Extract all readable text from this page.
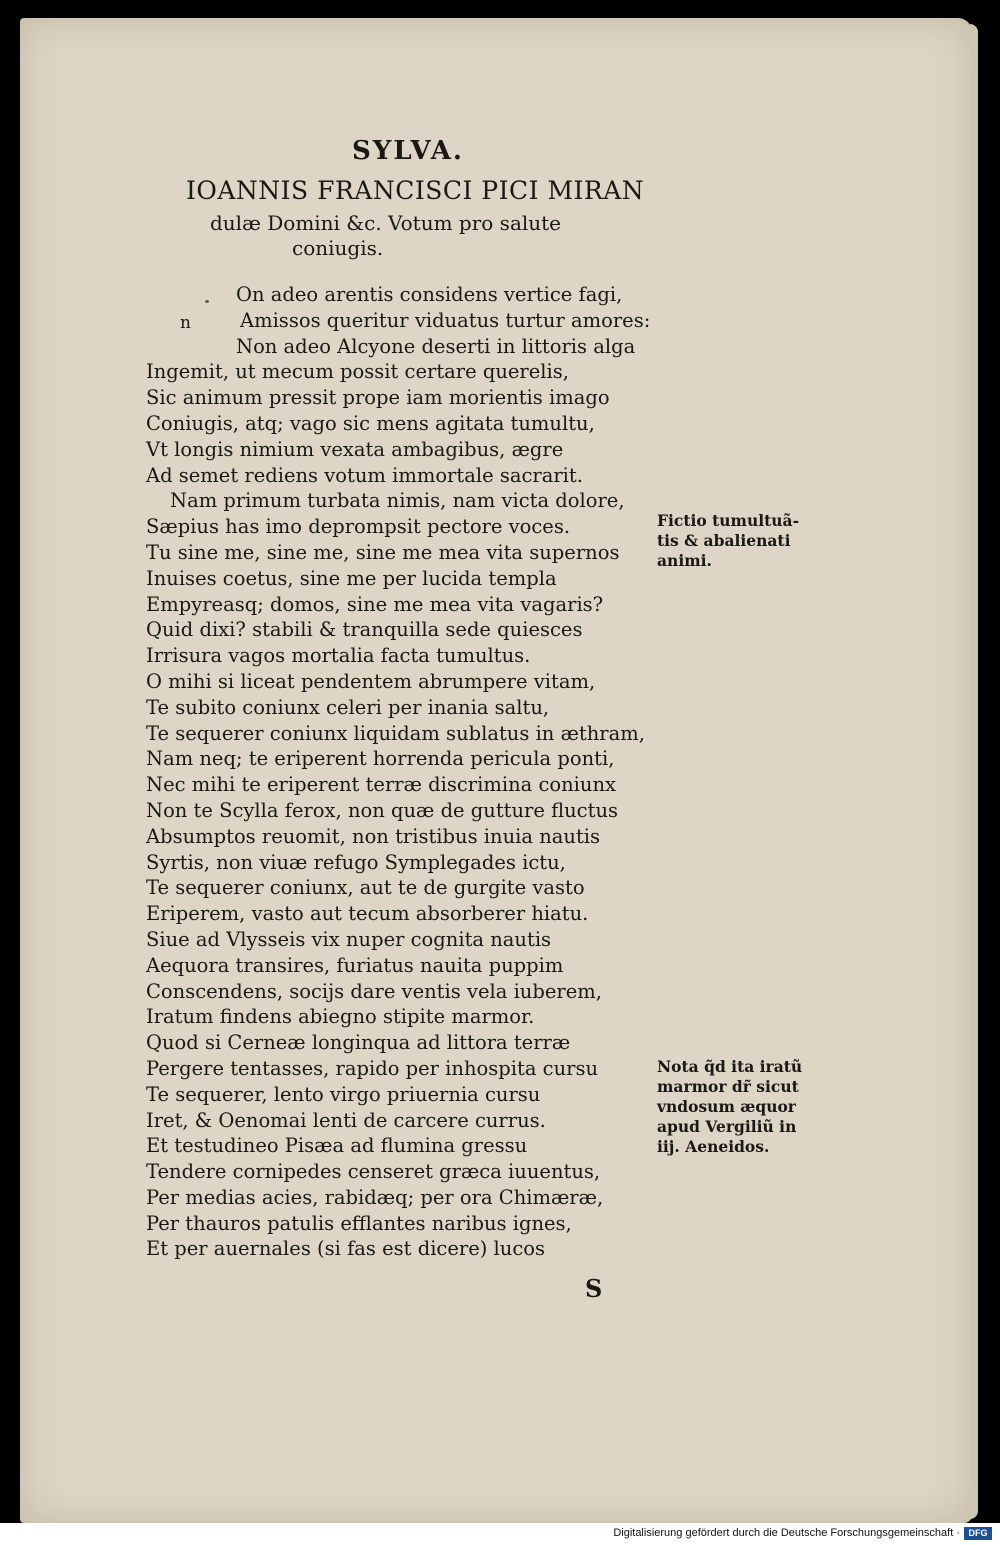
SYLVA.
IOANNIS FRANCISCI PICI MIRAN
dulæ Domini &c. Votum pro salute
coniugis.
n
On adeo arentis considens vertice fagi,
Amissos queritur viduatus turtur amores:
Non adeo Alcyone deserti in littoris alga
Ingemit, ut mecum possit certare querelis,
Sic animum pressit prope iam morientis imago
Coniugis, atq; vago sic mens agitata tumultu,
Vt longis nimium vexata ambagibus, ægre
Ad semet rediens votum immortale sacrarit.
Nam primum turbata nimis, nam victa dolore,
Sæpius has imo deprompsit pectore voces.
Tu sine me, sine me, sine me mea vita supernos
Inuises coetus, sine me per lucida templa
Empyreasq; domos, sine me mea vita vagaris?
Quid dixi? stabili & tranquilla sede quiesces
Irrisura vagos mortalia facta tumultus.
O mihi si liceat pendentem abrumpere vitam,
Te subito coniunx celeri per inania saltu,
Te sequerer coniunx liquidam sublatus in æthram,
Nam neq; te eriperent horrenda pericula ponti,
Nec mihi te eriperent terræ discrimina coniunx
Non te Scylla ferox, non quæ de gutture fluctus
Absumptos reuomit, non tristibus inuia nautis
Syrtis, non viuæ refugo Symplegades ictu,
Te sequerer coniunx, aut te de gurgite vasto
Eriperem, vasto aut tecum absorberer hiatu.
Siue ad Vlysseis vix nuper cognita nautis
Aequora transires, furiatus nauita puppim
Conscendens, socijs dare ventis vela iuberem,
Iratum findens abiegno stipite marmor.
Quod si Cerneæ longinqua ad littora terræ
Pergere tentasses, rapido per inhospita cursu
Te sequerer, lento virgo priuernia cursu
Iret, & Oenomai lenti de carcere currus.
Et testudineo Pisæa ad flumina gressu
Tendere cornipedes censeret græca iuuentus,
Per medias acies, rabidæq; per ora Chimæræ,
Per thauros patulis efflantes naribus ignes,
Et per auernales (si fas est dicere) lucos
Fictio tumultuã-
tis & abalienati
animi.
Nota q̃d ita iratũ
marmor dr̃ sicut
vndosum æquor
apud Vergiliũ in
iij. Aeneidos.
S
Digitalisierung gefördert durch die Deutsche Forschungsgemeinschaft · DFG
